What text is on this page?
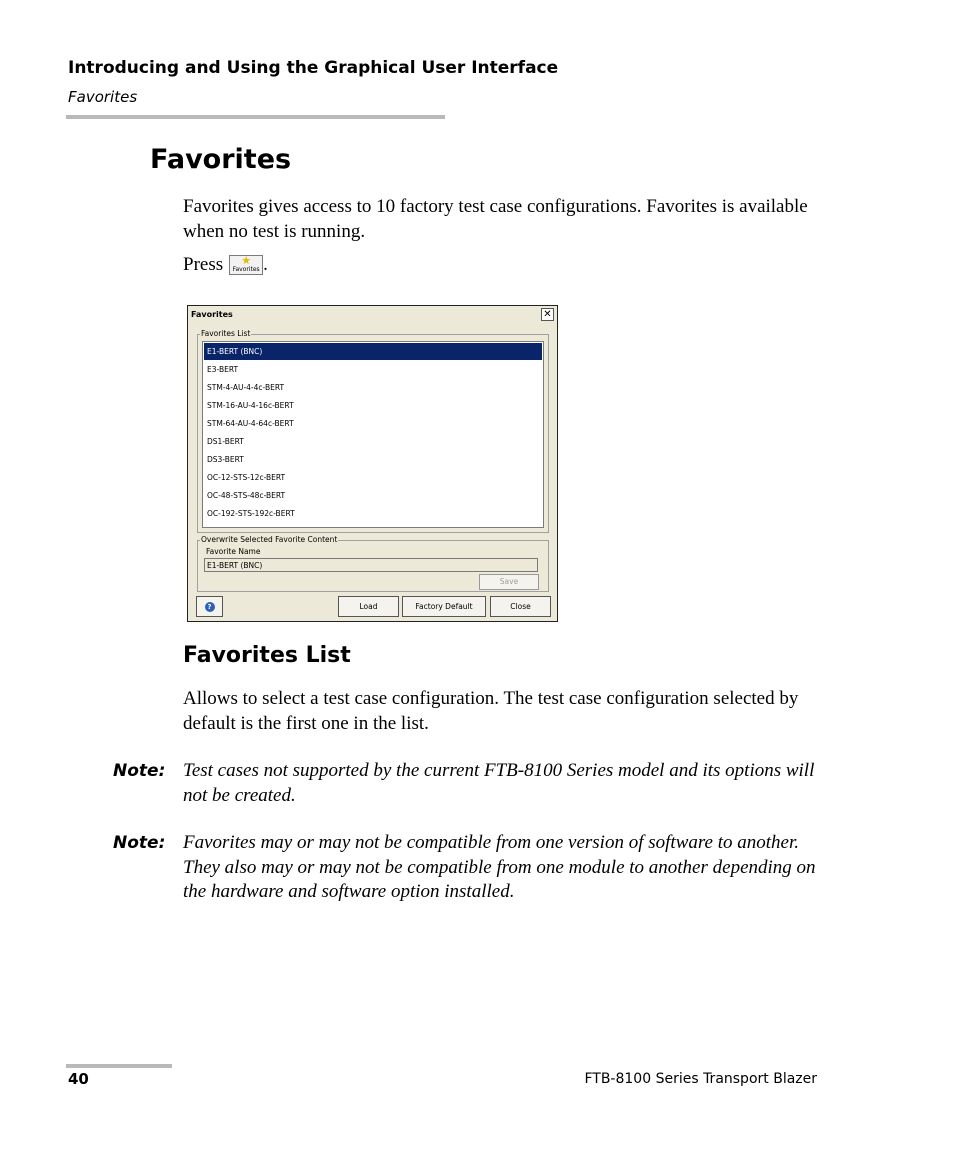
Introducing and Using the Graphical User Interface
Favorites
Favorites
Favorites gives access to 10 factory test case configurations. Favorites is available when no test is running.
Press ★
Favorites .
Favorites	✕
Favorites List
E1-BERT (BNC)
E3-BERT
STM-4-AU-4-4c-BERT
STM-16-AU-4-16c-BERT
STM-64-AU-4-64c-BERT
DS1-BERT
DS3-BERT
OC-12-STS-12c-BERT
OC-48-STS-48c-BERT
OC-192-STS-192c-BERT
Overwrite Selected Favorite Content
Favorite Name
E1-BERT (BNC)
Save
?	Load	Factory Default	Close
Favorites List
Allows to select a test case configuration. The test case configuration selected by default is the first one in the list.
Note: Test cases not supported by the current FTB-8100 Series model and its options will not be created.
Note: Favorites may or may not be compatible from one version of software to another. They also may or may not be compatible from one module to another depending on the hardware and software option installed.
40	FTB-8100 Series Transport Blazer
